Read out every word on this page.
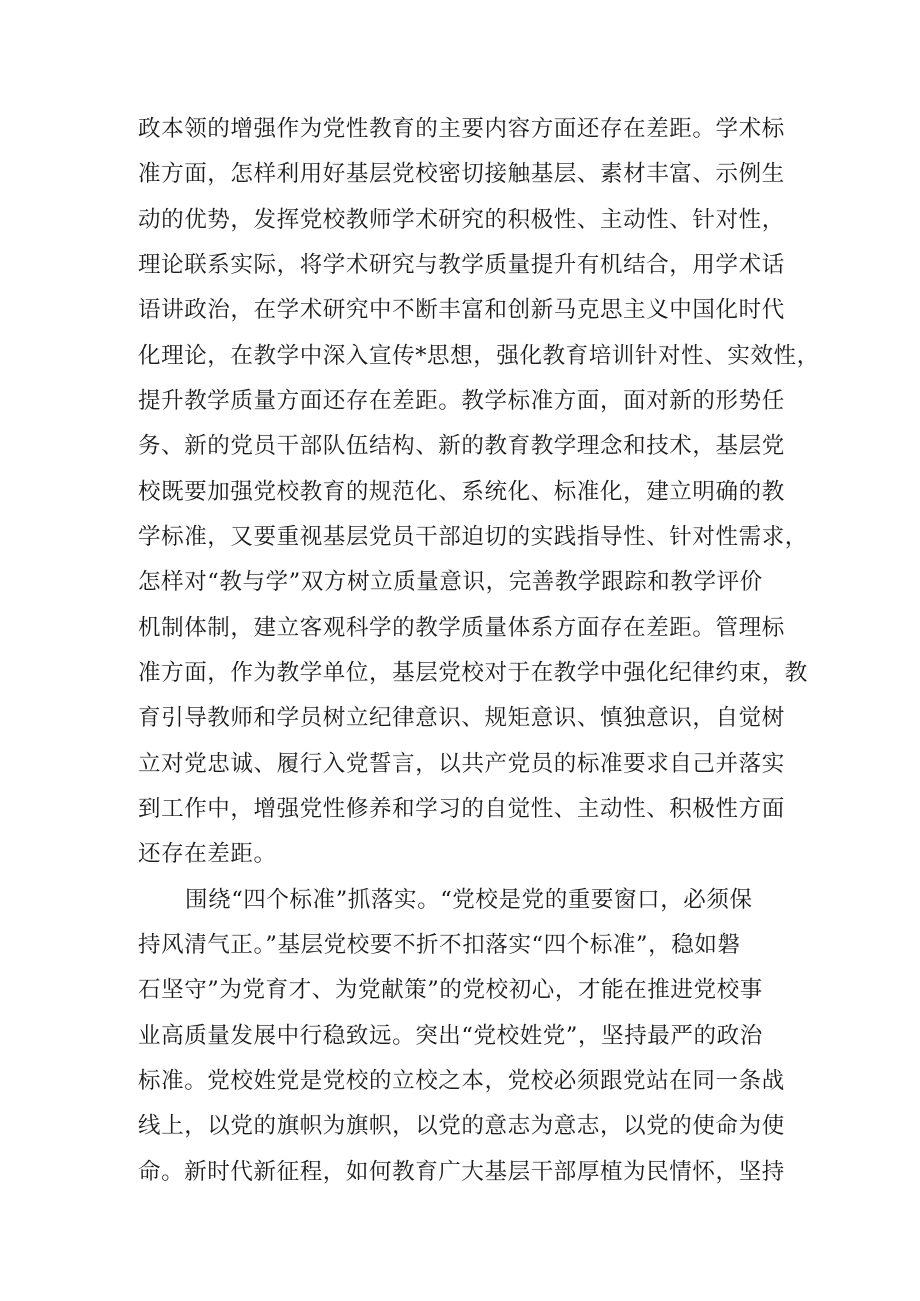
政本领的增强作为党性教育的主要内容方面还存在差距。学术标
准方面，怎样利用好基层党校密切接触基层、素材丰富、示例生
动的优势，发挥党校教师学术研究的积极性、主动性、针对性，
理论联系实际，将学术研究与教学质量提升有机结合，用学术话
语讲政治，在学术研究中不断丰富和创新马克思主义中国化时代
化理论，在教学中深入宣传*思想，强化教育培训针对性、实效性，
提升教学质量方面还存在差距。教学标准方面，面对新的形势任
务、新的党员干部队伍结构、新的教育教学理念和技术，基层党
校既要加强党校教育的规范化、系统化、标准化，建立明确的教
学标准，又要重视基层党员干部迫切的实践指导性、针对性需求，
怎样对“教与学”双方树立质量意识，完善教学跟踪和教学评价
机制体制，建立客观科学的教学质量体系方面存在差距。管理标
准方面，作为教学单位，基层党校对于在教学中强化纪律约束，教
育引导教师和学员树立纪律意识、规矩意识、慎独意识，自觉树
立对党忠诚、履行入党誓言，以共产党员的标准要求自己并落实
到工作中，增强党性修养和学习的自觉性、主动性、积极性方面
还存在差距。
围绕“四个标准”抓落实。“党校是党的重要窗口，必须保
持风清气正。”基层党校要不折不扣落实“四个标准”，稳如磐
石坚守”为党育才、为党献策”的党校初心，才能在推进党校事
业高质量发展中行稳致远。突出“党校姓党”，坚持最严的政治
标准。党校姓党是党校的立校之本，党校必须跟党站在同一条战
线上，以党的旗帜为旗帜，以党的意志为意志，以党的使命为使
命。新时代新征程，如何教育广大基层干部厚植为民情怀，坚持
